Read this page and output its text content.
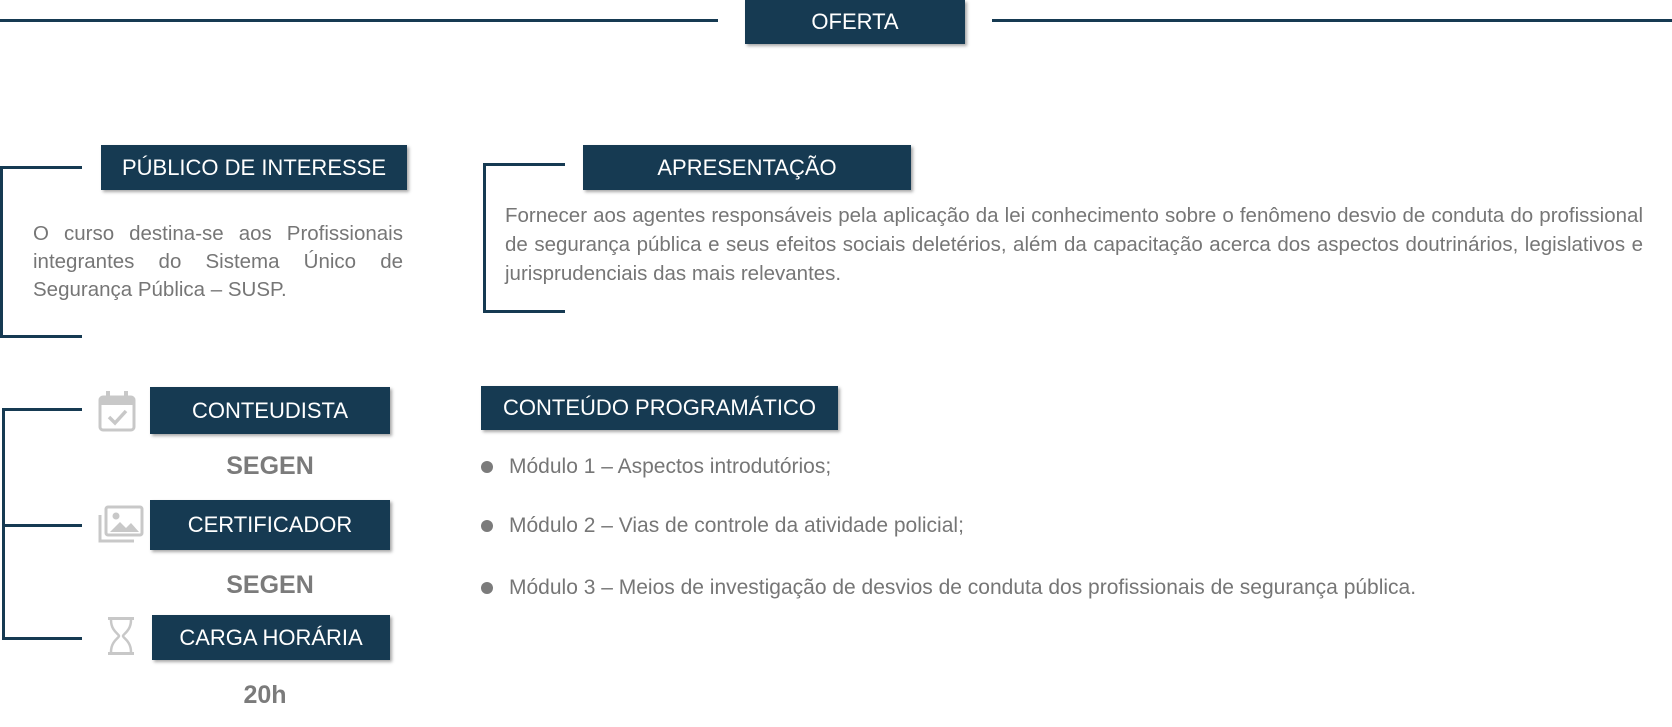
OFERTA
PÚBLICO DE INTERESSE
O curso destina-se aos Profissionais integrantes do Sistema Único de Segurança Pública – SUSP.
APRESENTAÇÃO
Fornecer aos agentes responsáveis pela aplicação da lei conhecimento sobre o fenômeno desvio de conduta do profissional de segurança pública e seus efeitos sociais deletérios, além da capacitação acerca dos aspectos doutrinários, legislativos e jurisprudenciais das mais relevantes.
CONTEUDISTA
SEGEN
CERTIFICADOR
SEGEN
CARGA HORÁRIA
20h
CONTEÚDO PROGRAMÁTICO
Módulo 1 – Aspectos introdutórios;
Módulo 2 – Vias de controle da atividade policial;
Módulo 3 – Meios de investigação de desvios de conduta dos profissionais de segurança pública.
